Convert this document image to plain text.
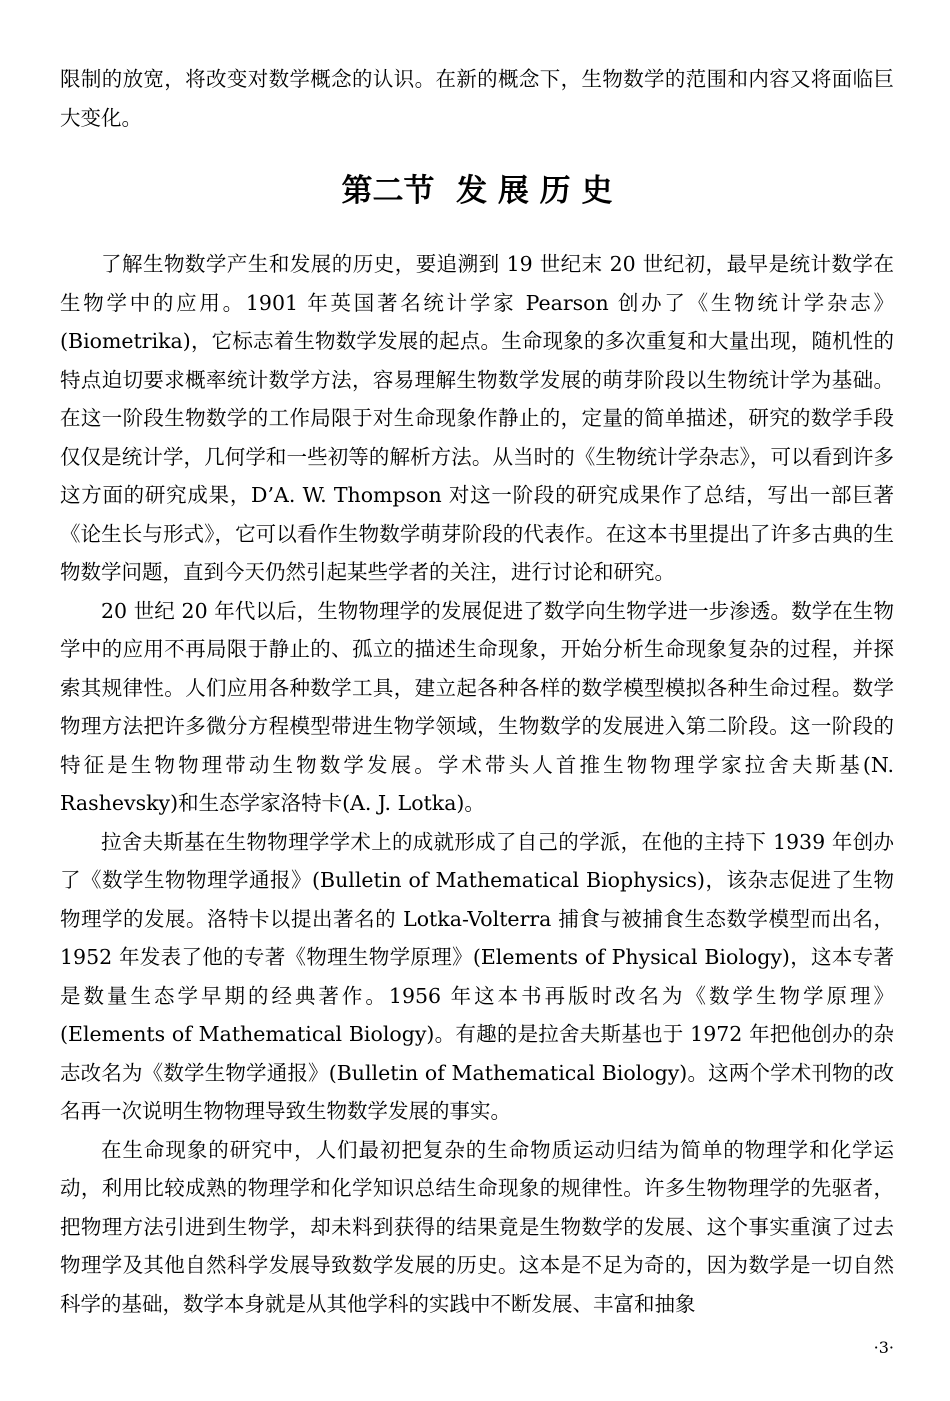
限制的放宽，将改变对数学概念的认识。在新的概念下，生物数学的范围和内容又将面临巨大变化。

第二节  发 展 历 史

了解生物数学产生和发展的历史，要追溯到 19 世纪末 20 世纪初，最早是统计数学在生物学中的应用。1901 年英国著名统计学家 Pearson 创办了《生物统计学杂志》(Biometrika)，它标志着生物数学发展的起点。生命现象的多次重复和大量出现，随机性的特点迫切要求概率统计数学方法，容易理解生物数学发展的萌芽阶段以生物统计学为基础。在这一阶段生物数学的工作局限于对生命现象作静止的，定量的简单描述，研究的数学手段仅仅是统计学，几何学和一些初等的解析方法。从当时的《生物统计学杂志》，可以看到许多这方面的研究成果，D’A. W. Thompson 对这一阶段的研究成果作了总结，写出一部巨著《论生长与形式》，它可以看作生物数学萌芽阶段的代表作。在这本书里提出了许多古典的生物数学问题，直到今天仍然引起某些学者的关注，进行讨论和研究。

20 世纪 20 年代以后，生物物理学的发展促进了数学向生物学进一步渗透。数学在生物学中的应用不再局限于静止的、孤立的描述生命现象，开始分析生命现象复杂的过程，并探索其规律性。人们应用各种数学工具，建立起各种各样的数学模型模拟各种生命过程。数学物理方法把许多微分方程模型带进生物学领域，生物数学的发展进入第二阶段。这一阶段的特征是生物物理带动生物数学发展。学术带头人首推生物物理学家拉舍夫斯基(N. Rashevsky)和生态学家洛特卡(A. J. Lotka)。

拉舍夫斯基在生物物理学学术上的成就形成了自己的学派，在他的主持下 1939 年创办了《数学生物物理学通报》(Bulletin of Mathematical Biophysics)，该杂志促进了生物物理学的发展。洛特卡以提出著名的 Lotka-Volterra 捕食与被捕食生态数学模型而出名，1952 年发表了他的专著《物理生物学原理》(Elements of Physical Biology)，这本专著是数量生态学早期的经典著作。1956 年这本书再版时改名为《数学生物学原理》(Elements of Mathematical Biology)。有趣的是拉舍夫斯基也于 1972 年把他创办的杂志改名为《数学生物学通报》(Bulletin of Mathematical Biology)。这两个学术刊物的改名再一次说明生物物理导致生物数学发展的事实。

在生命现象的研究中，人们最初把复杂的生命物质运动归结为简单的物理学和化学运动，利用比较成熟的物理学和化学知识总结生命现象的规律性。许多生物物理学的先驱者，把物理方法引进到生物学，却未料到获得的结果竟是生物数学的发展、这个事实重演了过去物理学及其他自然科学发展导致数学发展的历史。这本是不足为奇的，因为数学是一切自然科学的基础，数学本身就是从其他学科的实践中不断发展、丰富和抽象

·3·
